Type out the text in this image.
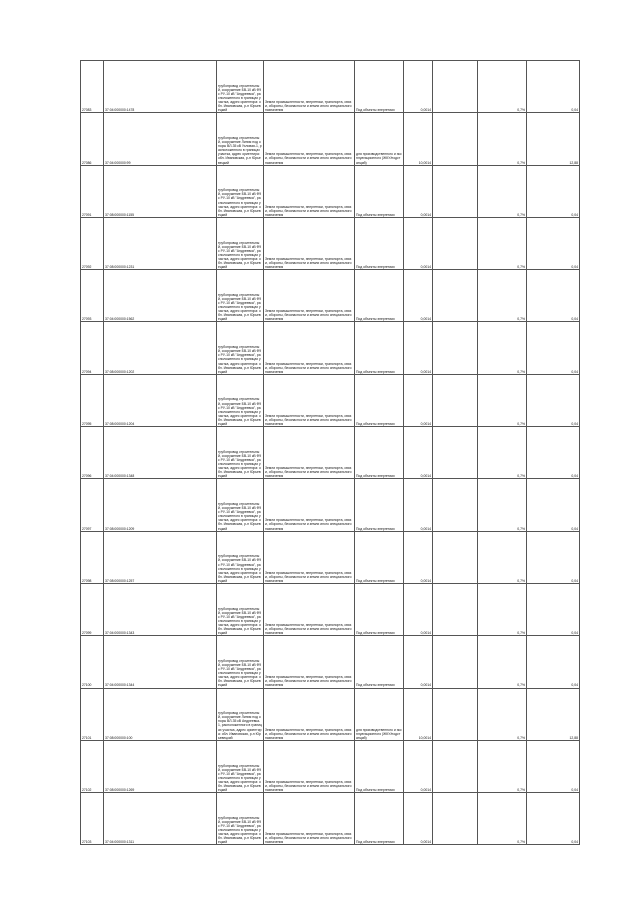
27083	37:04:000000:1478	трубопровод строительный, сооружение БВ-10 кВ Ф9 с РУ-10 кВ "Андреевка", расположенного в границах участка, адрес ориентира: обл. Ивановская, р-н Юрьевецкий	Земли промышленности, энергетики, транспорта, связи, обороны, безопасности и земли иного специального назначения	Под объекты энергетики	0,0014		0,7%	0,04
27086	37:04:000000:99	трубопровод строительный, сооружение Линия под опоры ВЛ-35 кВ Узловая-1, расположенного в границах участка, адрес ориентира: обл. Ивановская, р-н Юрьевецкий	Земли промышленности, энергетики, транспорта, связи, обороны, безопасности и земли иного специального назначения	для производственного и эксплуатационного (ЖКУ/подстанций)	10,0014		0,7%	12,88
27091	37:08:000000:1155	трубопровод строительный, сооружение БВ-10 кВ Ф9 с РУ-10 кВ "Андреевка", расположенного в границах участка, адрес ориентира: обл. Ивановская, р-н Юрьевецкий	Земли промышленности, энергетики, транспорта, связи, обороны, безопасности и земли иного специального назначения	Под объекты энергетики	0,0014		0,7%	0,04
27092	37:08:000000:1231	трубопровод строительный, сооружение БВ-10 кВ Ф9 с РУ-10 кВ "Андреевка", расположенного в границах участка, адрес ориентира: обл. Ивановская, р-н Юрьевецкий	Земли промышленности, энергетики, транспорта, связи, обороны, безопасности и земли иного специального назначения	Под объекты энергетики	0,0014		0,7%	0,04
27093	37:04:000000:1562	трубопровод строительный, сооружение БВ-10 кВ Ф9 с РУ-10 кВ "Андреевка", расположенного в границах участка, адрес ориентира: обл. Ивановская, р-н Юрьевецкий	Земли промышленности, энергетики, транспорта, связи, обороны, безопасности и земли иного специального назначения	Под объекты энергетики	0,0014		0,7%	0,04
27094	37:08:000000:1202	трубопровод строительный, сооружение БВ-10 кВ Ф9 с РУ-10 кВ "Андреевка", расположенного в границах участка, адрес ориентира: обл. Ивановская, р-н Юрьевецкий	Земли промышленности, энергетики, транспорта, связи, обороны, безопасности и земли иного специального назначения	Под объекты энергетики	0,0014		0,7%	0,04
27095	37:08:000000:1204	трубопровод строительный, сооружение БВ-10 кВ Ф9 с РУ-10 кВ "Андреевка", расположенного в границах участка, адрес ориентира: обл. Ивановская, р-н Юрьевецкий	Земли промышленности, энергетики, транспорта, связи, обороны, безопасности и земли иного специального назначения	Под объекты энергетики	0,0014		0,7%	0,04
27096	37:04:000000:1348	трубопровод строительный, сооружение БВ-10 кВ Ф9 с РУ-10 кВ "Андреевка", расположенного в границах участка, адрес ориентира: обл. Ивановская, р-н Юрьевецкий	Земли промышленности, энергетики, транспорта, связи, обороны, безопасности и земли иного специального назначения	Под объекты энергетики	0,0014		0,7%	0,04
27097	37:08:000000:1209	трубопровод строительный, сооружение БВ-10 кВ Ф9 с РУ-10 кВ "Андреевка", расположенного в границах участка, адрес ориентира: обл. Ивановская, р-н Юрьевецкий	Земли промышленности, энергетики, транспорта, связи, обороны, безопасности и земли иного специального назначения	Под объекты энергетики	0,0014		0,7%	0,04
27098	37:08:000000:1257	трубопровод строительный, сооружение БВ-10 кВ Ф9 с РУ-10 кВ "Андреевка", расположенного в границах участка, адрес ориентира: обл. Ивановская, р-н Юрьевецкий	Земли промышленности, энергетики, транспорта, связи, обороны, безопасности и земли иного специального назначения	Под объекты энергетики	0,0014		0,7%	0,04
27099	37:04:000000:1343	трубопровод строительный, сооружение БВ-10 кВ Ф9 с РУ-10 кВ "Андреевка", расположенного в границах участка, адрес ориентира: обл. Ивановская, р-н Юрьевецкий	Земли промышленности, энергетики, транспорта, связи, обороны, безопасности и земли иного специального назначения	Под объекты энергетики	0,0014		0,7%	0,04
27100	37:04:000000:1344	трубопровод строительный, сооружение БВ-10 кВ Ф9 с РУ-10 кВ "Андреевка", расположенного в границах участка, адрес ориентира: обл. Ивановская, р-н Юрьевецкий	Земли промышленности, энергетики, транспорта, связи, обороны, безопасности и земли иного специального назначения	Под объекты энергетики	0,0014		0,7%	0,04
27101	37:08:000000:100	трубопровод строительный, сооружение Линия под опоры ВЛ-35 кВ Андреевка-1, расположенного в границах участка, адрес ориентира: обл. Ивановская, р-н Юрьевецкий	Земли промышленности, энергетики, транспорта, связи, обороны, безопасности и земли иного специального назначения	для производственного и эксплуатационного (ЖКУ/подстанций)	10,0014		0,7%	12,88
27102	37:08:000000:1269	трубопровод строительный, сооружение БВ-10 кВ Ф9 с РУ-10 кВ "Андреевка", расположенного в границах участка, адрес ориентира: обл. Ивановская, р-н Юрьевецкий	Земли промышленности, энергетики, транспорта, связи, обороны, безопасности и земли иного специального назначения	Под объекты энергетики	0,0014		0,7%	0,04
27103	37:04:000000:1311	трубопровод строительный, сооружение БВ-10 кВ Ф9 с РУ-10 кВ "Андреевка", расположенного в границах участка, адрес ориентира: обл. Ивановская, р-н Юрьевецкий	Земли промышленности, энергетики, транспорта, связи, обороны, безопасности и земли иного специального назначения	Под объекты энергетики	0,0014		0,7%	0,04
